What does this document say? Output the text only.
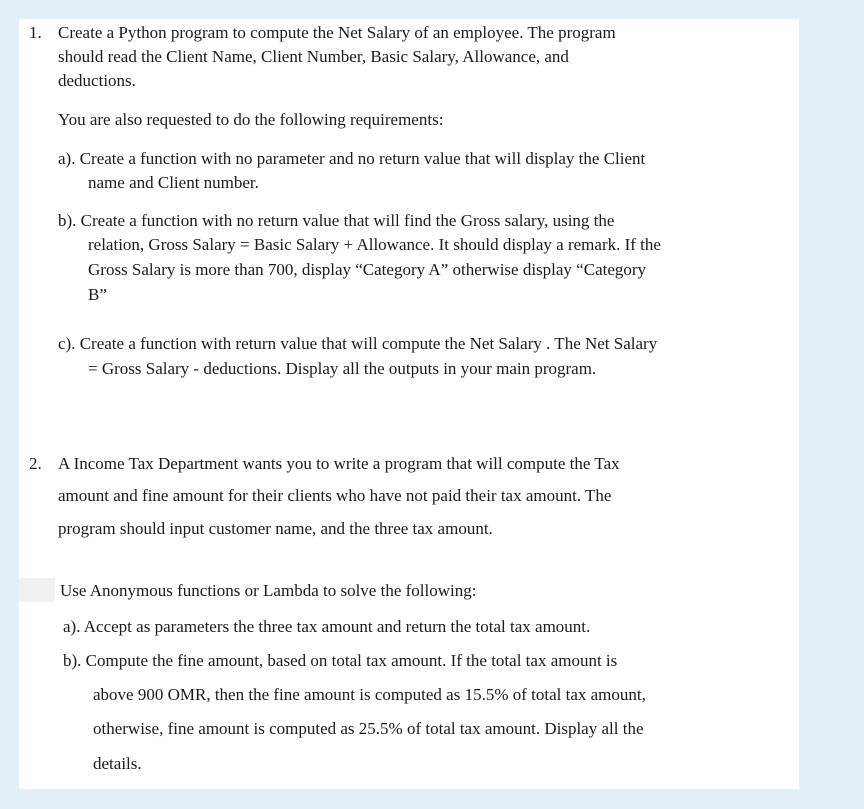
1. Create a Python program to compute the Net Salary of an employee. The program
should read the Client Name, Client Number, Basic Salary, Allowance, and
deductions.
You are also requested to do the following requirements:
a). Create a function with no parameter and no return value that will display the Client
name and Client number.
b). Create a function with no return value that will find the Gross salary, using the
relation, Gross Salary = Basic Salary + Allowance. It should display a remark. If the
Gross Salary is more than 700, display “Category A” otherwise display “Category
B”
c). Create a function with return value that will compute the Net Salary . The Net Salary
= Gross Salary - deductions. Display all the outputs in your main program.
2. A Income Tax Department wants you to write a program that will compute the Tax
amount and fine amount for their clients who have not paid their tax amount. The
program should input customer name, and the three tax amount.
Use Anonymous functions or Lambda to solve the following:
a). Accept as parameters the three tax amount and return the total tax amount.
b). Compute the fine amount, based on total tax amount. If the total tax amount is
above 900 OMR, then the fine amount is computed as 15.5% of total tax amount,
otherwise, fine amount is computed as 25.5% of total tax amount. Display all the
details.
